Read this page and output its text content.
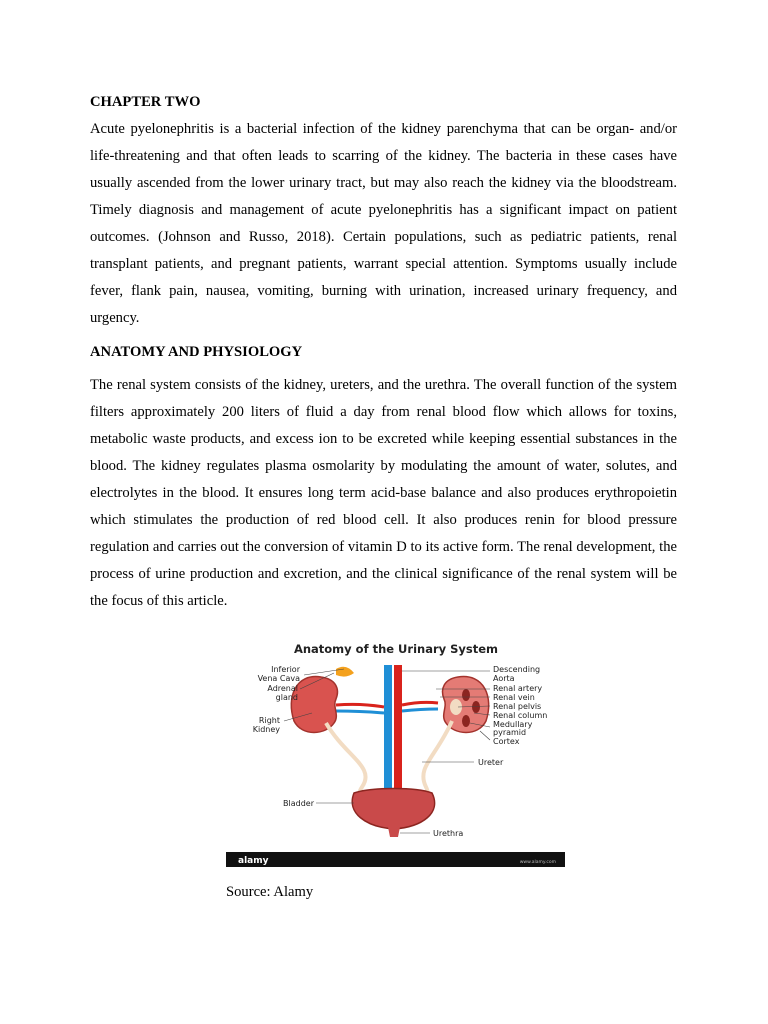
CHAPTER TWO

Acute pyelonephritis is a bacterial infection of the kidney parenchyma that can be organ- and/or life-threatening and that often leads to scarring of the kidney. The bacteria in these cases have usually ascended from the lower urinary tract, but may also reach the kidney via the bloodstream. Timely diagnosis and management of acute pyelonephritis has a significant impact on patient outcomes. (Johnson and Russo, 2018). Certain populations, such as pediatric patients, renal transplant patients, and pregnant patients, warrant special attention. Symptoms usually include fever, flank pain, nausea, vomiting, burning with urination, increased urinary frequency, and urgency.

ANATOMY AND PHYSIOLOGY

The renal system consists of the kidney, ureters, and the urethra. The overall function of the system filters approximately 200 liters of fluid a day from renal blood flow which allows for toxins, metabolic waste products, and excess ion to be excreted while keeping essential substances in the blood. The kidney regulates plasma osmolarity by modulating the amount of water, solutes, and electrolytes in the blood. It ensures long term acid-base balance and also produces erythropoietin which stimulates the production of red blood cell. It also produces renin for blood pressure regulation and carries out the conversion of vitamin D to its active form. The renal development, the process of urine production and excretion, and the clinical significance of the renal system will be the focus of this article.

Anatomy of the Urinary System
Inferior
Vena Cava
Adrenal
gland
Right
Kidney
Bladder
Descending
Aorta
Renal artery
Renal vein
Renal pelvis
Renal column
Medullary
pyramid
Cortex
Ureter
Urethra
alamy	www.alamy.com
Source: Alamy
